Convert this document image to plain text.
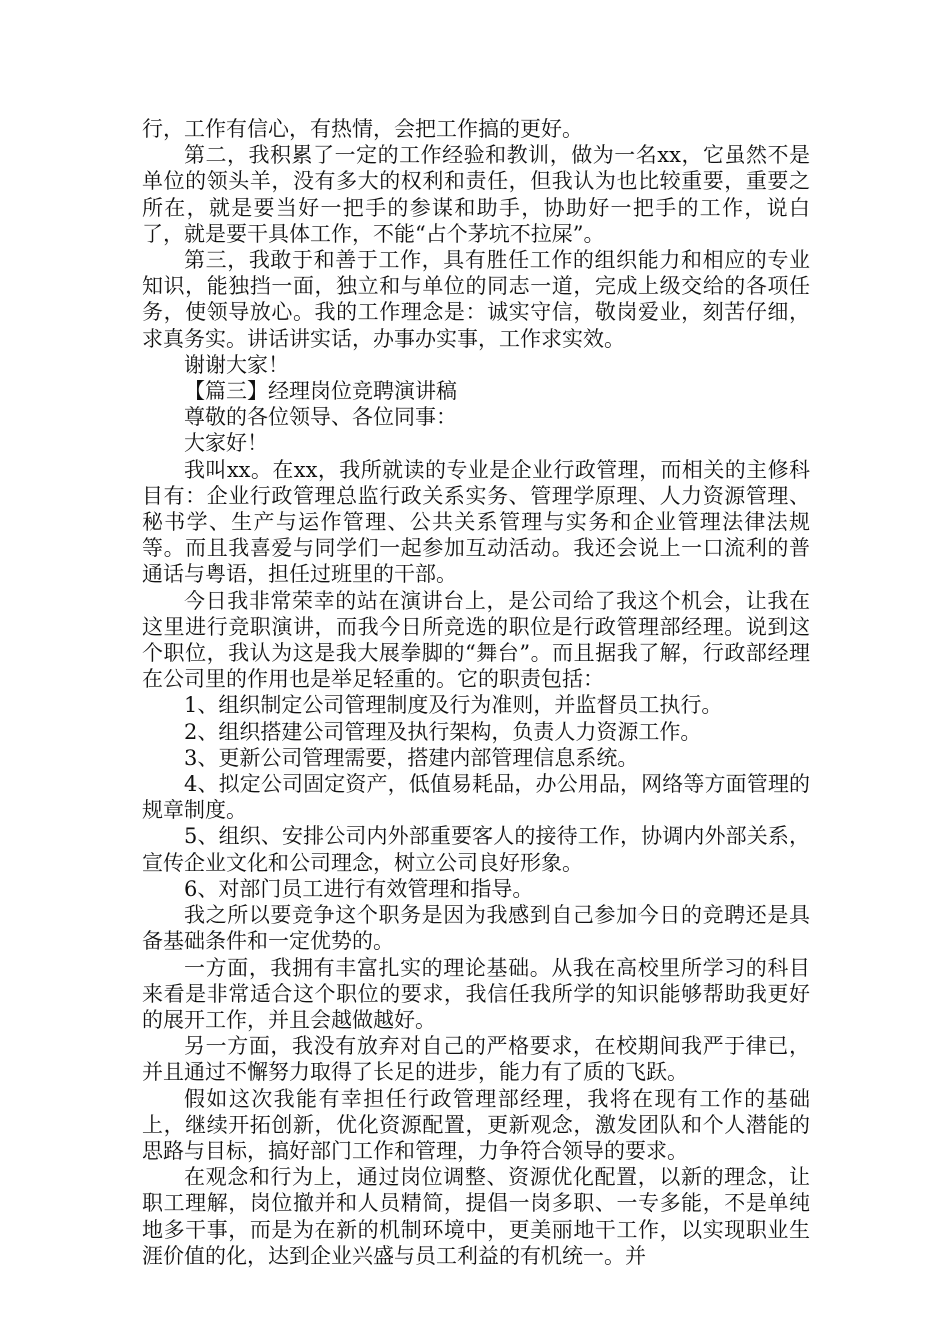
行，工作有信心，有热情，会把工作搞的更好。

第二，我积累了一定的工作经验和教训，做为一名xx，它虽然不是单位的领头羊，没有多大的权利和责任，但我认为也比较重要，重要之所在，就是要当好一把手的参谋和助手，协助好一把手的工作，说白了，就是要干具体工作，不能“占个茅坑不拉屎”。

第三，我敢于和善于工作，具有胜任工作的组织能力和相应的专业知识，能独挡一面，独立和与单位的同志一道，完成上级交给的各项任务，使领导放心。我的工作理念是：诚实守信，敬岗爱业，刻苦仔细，求真务实。讲话讲实话，办事办实事，工作求实效。

谢谢大家！

【篇三】经理岗位竞聘演讲稿

尊敬的各位领导、各位同事：

大家好！

我叫xx。在xx，我所就读的专业是企业行政管理，而相关的主修科目有：企业行政管理总监行政关系实务、管理学原理、人力资源管理、秘书学、生产与运作管理、公共关系管理与实务和企业管理法律法规等。而且我喜爱与同学们一起参加互动活动。我还会说上一口流利的普通话与粤语，担任过班里的干部。

今日我非常荣幸的站在演讲台上，是公司给了我这个机会，让我在这里进行竞职演讲，而我今日所竞选的职位是行政管理部经理。说到这个职位，我认为这是我大展拳脚的“舞台”。而且据我了解，行政部经理在公司里的作用也是举足轻重的。它的职责包括：

1、组织制定公司管理制度及行为准则，并监督员工执行。

2、组织搭建公司管理及执行架构，负责人力资源工作。

3、更新公司管理需要，搭建内部管理信息系统。

4、拟定公司固定资产，低值易耗品，办公用品，网络等方面管理的规章制度。

5、组织、安排公司内外部重要客人的接待工作，协调内外部关系，宣传企业文化和公司理念，树立公司良好形象。

6、对部门员工进行有效管理和指导。

我之所以要竞争这个职务是因为我感到自己参加今日的竞聘还是具备基础条件和一定优势的。

一方面，我拥有丰富扎实的理论基础。从我在高校里所学习的科目来看是非常适合这个职位的要求，我信任我所学的知识能够帮助我更好的展开工作，并且会越做越好。

另一方面，我没有放弃对自己的严格要求，在校期间我严于律已，并且通过不懈努力取得了长足的进步，能力有了质的飞跃。

假如这次我能有幸担任行政管理部经理，我将在现有工作的基础上，继续开拓创新，优化资源配置，更新观念，激发团队和个人潜能的思路与目标，搞好部门工作和管理，力争符合领导的要求。

在观念和行为上，通过岗位调整、资源优化配置，以新的理念，让职工理解，岗位撤并和人员精简，提倡一岗多职、一专多能，不是单纯地多干事，而是为在新的机制环境中，更美丽地干工作，以实现职业生涯价值的化，达到企业兴盛与员工利益的有机统一。并
